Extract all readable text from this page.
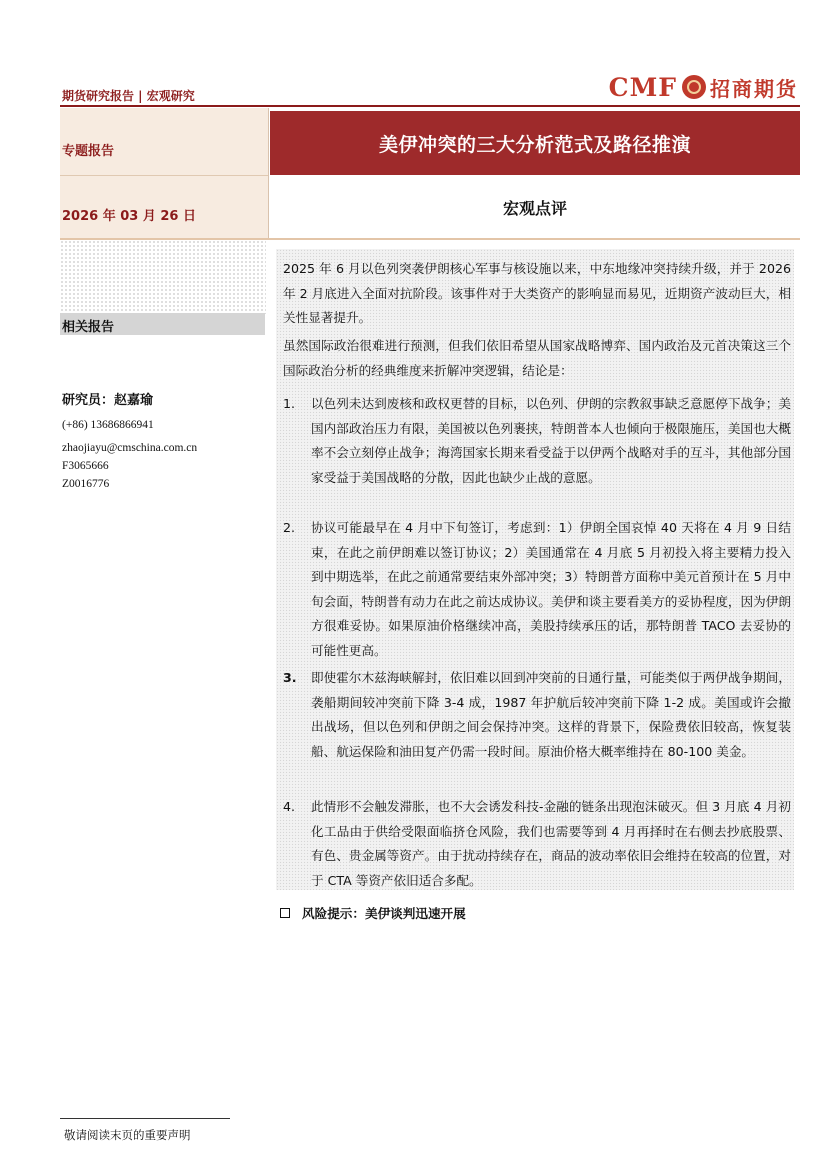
期货研究报告 | 宏观研究	CMF 招商期货
专题报告
2026 年 03 月 26 日
美伊冲突的三大分析范式及路径推演
宏观点评
相关报告
研究员：赵嘉瑜
(+86) 13686866941
zhaojiayu@cmschina.com.cn
F3065666
Z0016776

2025 年 6 月以色列突袭伊朗核心军事与核设施以来，中东地缘冲突持续升级，并于 2026 年 2 月底进入全面对抗阶段。该事件对于大类资产的影响显而易见，近期资产波动巨大，相关性显著提升。

虽然国际政治很难进行预测，但我们依旧希望从国家战略博弈、国内政治及元首决策这三个国际政治分析的经典维度来折解冲突逻辑，结论是：

1.	以色列未达到废核和政权更替的目标，以色列、伊朗的宗教叙事缺乏意愿停下战争；美国内部政治压力有限，美国被以色列裹挟，特朗普本人也倾向于极限施压，美国也大概率不会立刻停止战争；海湾国家长期来看受益于以伊两个战略对手的互斗，其他部分国家受益于美国战略的分散，因此也缺少止战的意愿。
2.	协议可能最早在 4 月中下旬签订，考虑到：1）伊朗全国哀悼 40 天将在 4 月 9 日结束，在此之前伊朗难以签订协议；2）美国通常在 4 月底 5 月初投入将主要精力投入到中期选举，在此之前通常要结束外部冲突；3）特朗普方面称中美元首预计在 5 月中旬会面，特朗普有动力在此之前达成协议。美伊和谈主要看美方的妥协程度，因为伊朗方很难妥协。如果原油价格继续冲高，美股持续承压的话，那特朗普 TACO 去妥协的可能性更高。
3.	即使霍尔木兹海峡解封，依旧难以回到冲突前的日通行量，可能类似于两伊战争期间，袭船期间较冲突前下降 3-4 成，1987 年护航后较冲突前下降 1-2 成。美国或许会撤出战场，但以色列和伊朗之间会保持冲突。这样的背景下，保险费依旧较高，恢复装船、航运保险和油田复产仍需一段时间。原油价格大概率维持在 80-100 美金。
4.	此情形不会触发滞胀，也不大会诱发科技-金融的链条出现泡沫破灭。但 3 月底 4 月初化工品由于供给受限面临挤仓风险，我们也需要等到 4 月再择时在右侧去抄底股票、有色、贵金属等资产。由于扰动持续存在，商品的波动率依旧会维持在较高的位置，对于 CTA 等资产依旧适合多配。
风险提示：美伊谈判迅速开展
敬请阅读末页的重要声明
